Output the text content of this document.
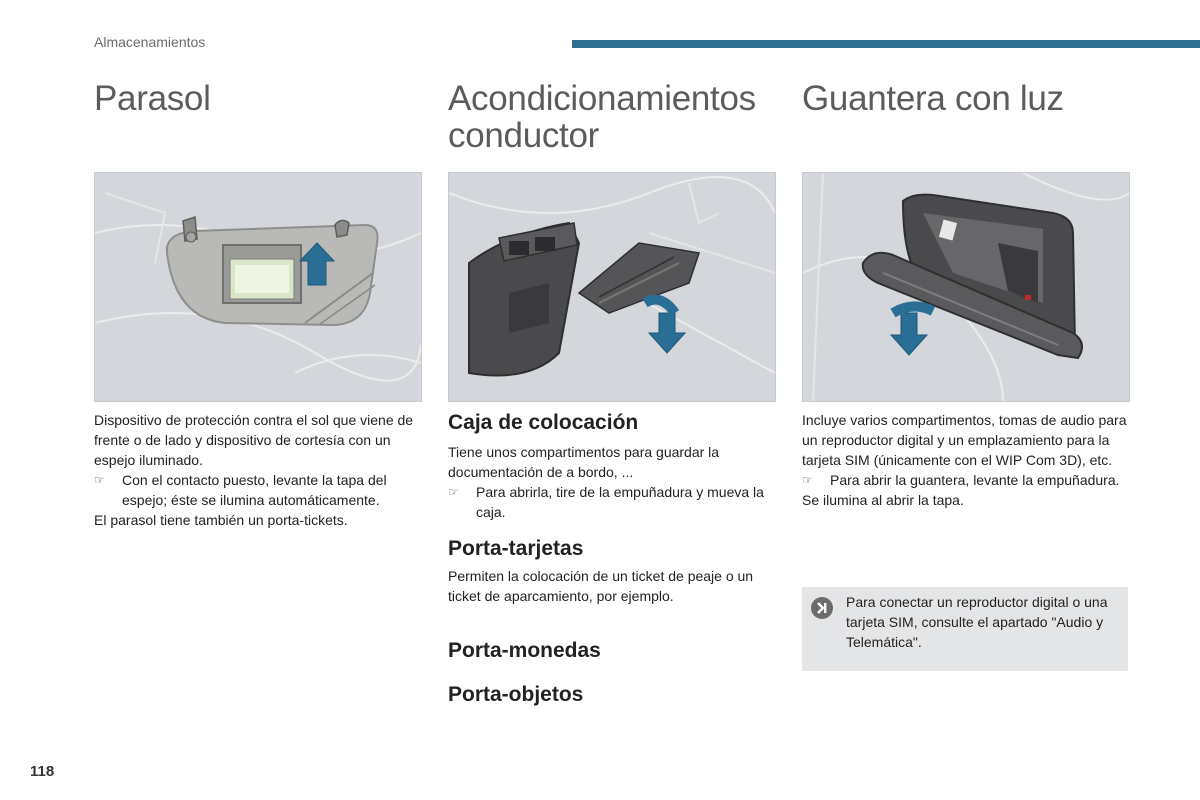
Almacenamientos
Parasol

Dispositivo de protección contra el sol que viene de frente o de lado y dispositivo de cortesía con un espejo iluminado.

☞	Con el contacto puesto, levante la tapa del espejo; éste se ilumina automáticamente.

El parasol tiene también un porta-tickets.

Acondicionamientos conductor
Caja de colocación

Tiene unos compartimentos para guardar la documentación de a bordo, ...

☞	Para abrirla, tire de la empuñadura y mueva la caja.

Porta-tarjetas

Permiten la colocación de un ticket de peaje o un ticket de aparcamiento, por ejemplo.

Porta-monedas
Porta-objetos
Guantera con luz

Incluye varios compartimentos, tomas de audio para un reproductor digital y un emplazamiento para la tarjeta SIM (únicamente con el WIP Com 3D), etc.

☞	Para abrir la guantera, levante la empuñadura.

Se ilumina al abrir la tapa.

Para conectar un reproductor digital o una tarjeta SIM, consulte el apartado "Audio y Telemática".
118
